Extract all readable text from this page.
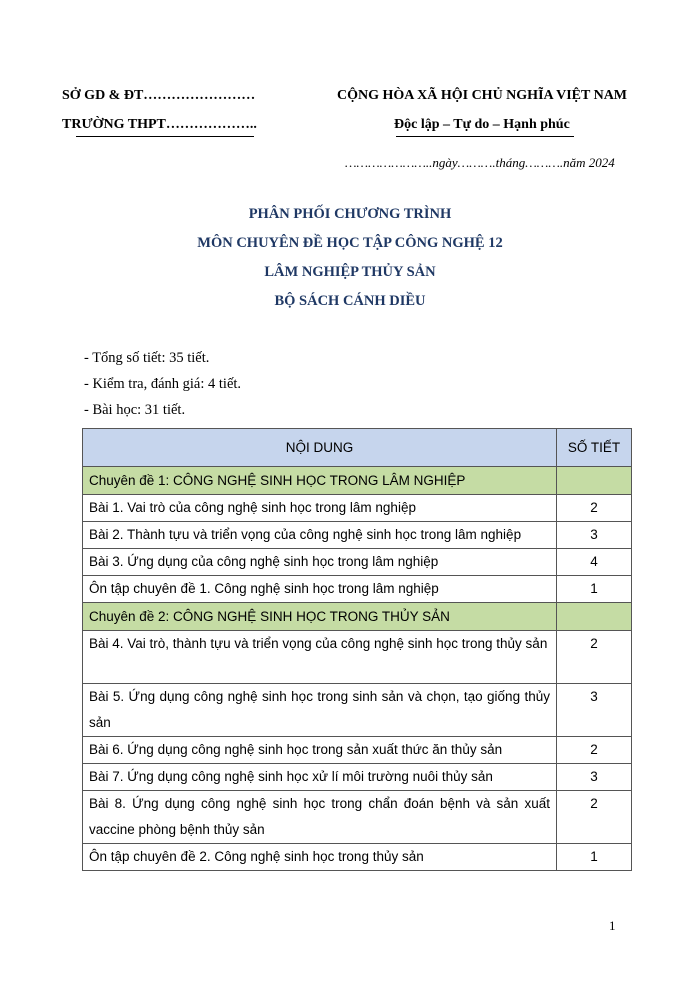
SỞ GD & ĐT……………………
TRƯỜNG THPT………………..
CỘNG HÒA XÃ HỘI CHỦ NGHĨA VIỆT NAM
Độc lập – Tự do – Hạnh phúc
…………………..ngày……….tháng……….năm 2024
PHÂN PHỐI CHƯƠNG TRÌNH
MÔN CHUYÊN ĐỀ HỌC TẬP CÔNG NGHỆ 12
LÂM NGHIỆP THỦY SẢN
BỘ SÁCH CÁNH DIỀU
- Tổng số tiết: 35 tiết.
- Kiểm tra, đánh giá: 4 tiết.
- Bài học: 31 tiết.
NỘI DUNG	SỐ TIẾT
Chuyên đề 1: CÔNG NGHỆ SINH HỌC TRONG LÂM NGHIỆP	
Bài 1. Vai trò của công nghệ sinh học trong lâm nghiệp	2
Bài 2. Thành tựu và triển vọng của công nghệ sinh học trong lâm nghiệp	3
Bài 3. Ứng dụng của công nghệ sinh học trong lâm nghiệp	4
Ôn tập chuyên đề 1. Công nghệ sinh học trong lâm nghiệp	1
Chuyên đề 2: CÔNG NGHỆ SINH HỌC TRONG THỦY SẢN	
Bài 4. Vai trò, thành tựu và triển vọng của công nghệ sinh học trong thủy sản	2
Bài 5. Ứng dụng công nghệ sinh học trong sinh sản và chọn, tạo giống thủy sản	3
Bài 6. Ứng dụng công nghệ sinh học trong sản xuất thức ăn thủy sản	2
Bài 7. Ứng dụng công nghệ sinh học xử lí môi trường nuôi thủy sản	3
Bài 8. Ứng dụng công nghệ sinh học trong chẩn đoán bệnh và sản xuất vaccine phòng bệnh thủy sản	2
Ôn tập chuyên đề 2. Công nghệ sinh học trong thủy sản	1
1
